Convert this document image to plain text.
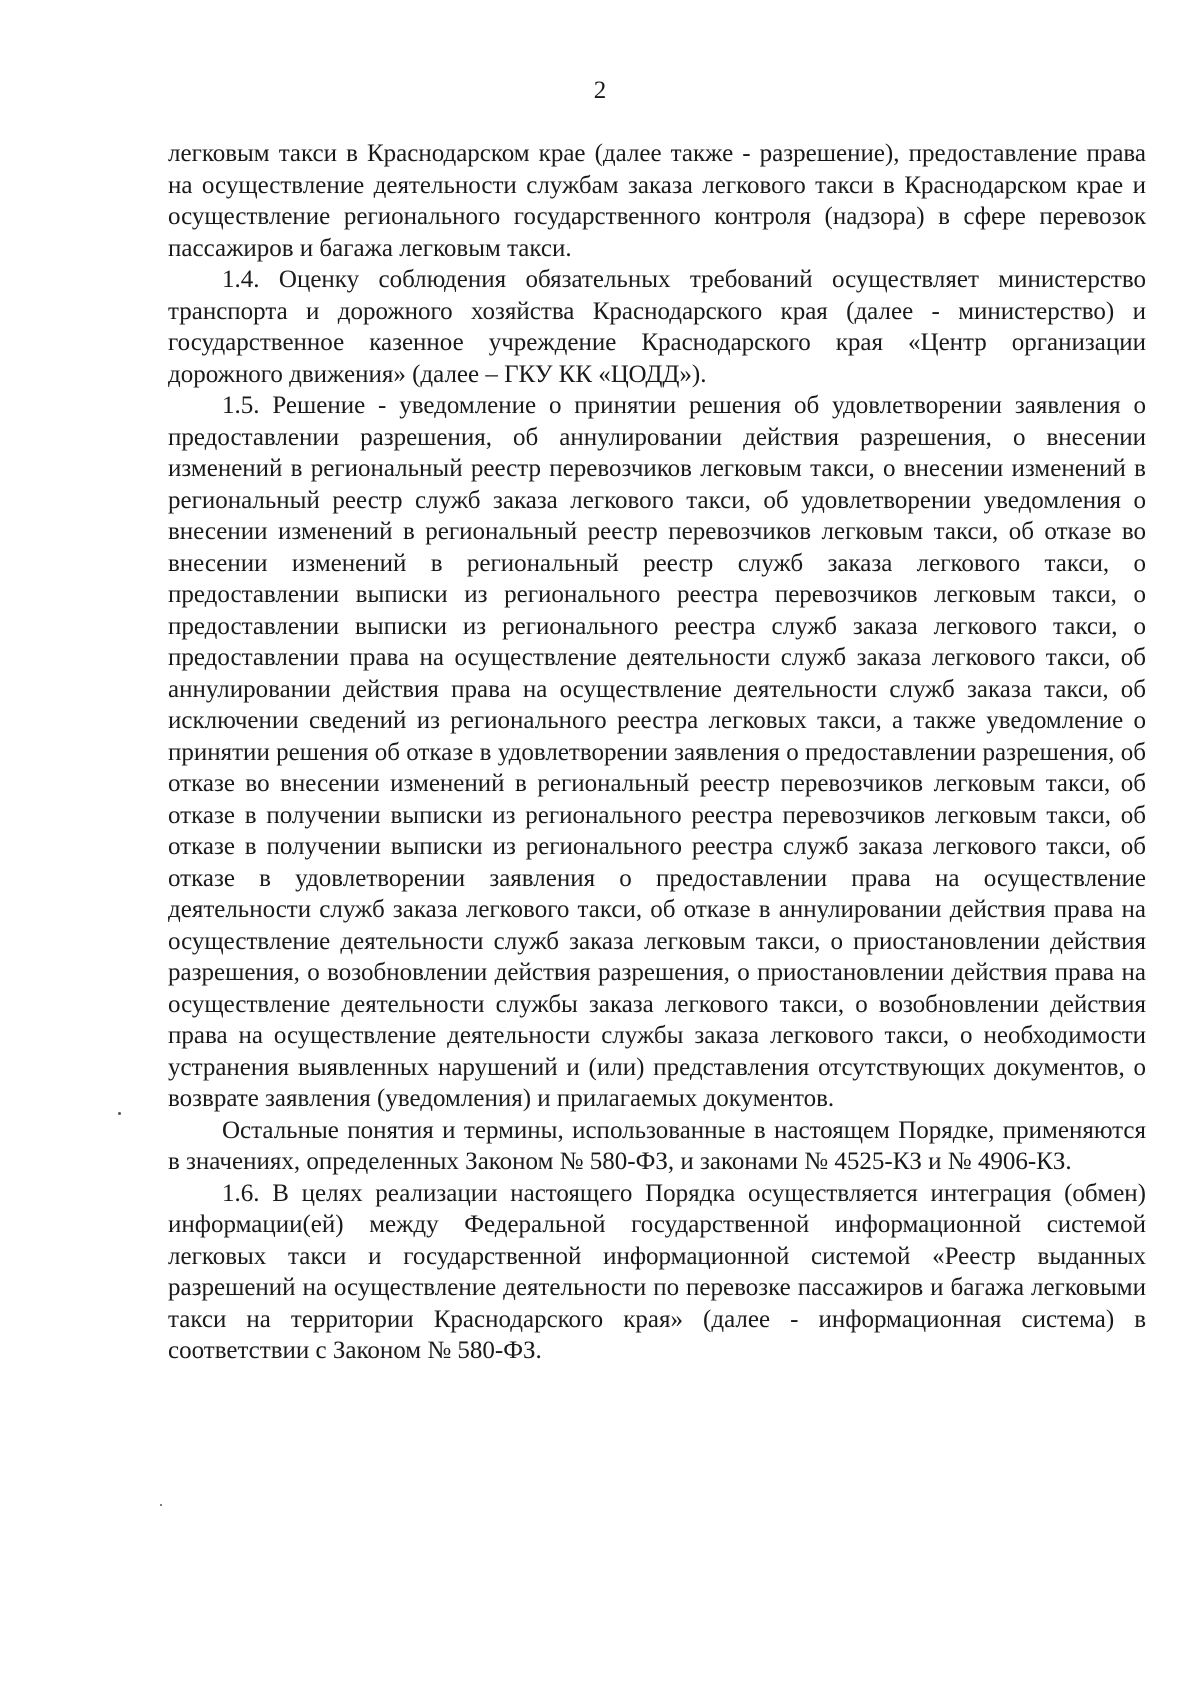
2

легковым такси в Краснодарском крае (далее также - разрешение), предоставление права на осуществление деятельности службам заказа легкового такси в Краснодарском крае и осуществление регионального государственного контроля (надзора) в сфере перевозок пассажиров и багажа легковым такси.

1.4. Оценку соблюдения обязательных требований осуществляет министерство транспорта и дорожного хозяйства Краснодарского края (далее - министерство) и государственное казенное учреждение Краснодарского края «Центр организации дорожного движения» (далее – ГКУ КК «ЦОДД»).

1.5. Решение - уведомление о принятии решения об удовлетворении заявления о предоставлении разрешения, об аннулировании действия разрешения, о внесении изменений в региональный реестр перевозчиков легковым такси, о внесении изменений в региональный реестр служб заказа легкового такси, об удовлетворении уведомления о внесении изменений в региональный реестр перевозчиков легковым такси, об отказе во внесении изменений в региональный реестр служб заказа легкового такси, о предоставлении выписки из регионального реестра перевозчиков легковым такси, о предоставлении выписки из регионального реестра служб заказа легкового такси, о предоставлении права на осуществление деятельности служб заказа легкового такси, об аннулировании действия права на осуществление деятельности служб заказа такси, об исключении сведений из регионального реестра легковых такси, а также уведомление о принятии решения об отказе в удовлетворении заявления о предоставлении разрешения, об отказе во внесении изменений в региональный реестр перевозчиков легковым такси, об отказе в получении выписки из регионального реестра перевозчиков легковым такси, об отказе в получении выписки из регионального реестра служб заказа легкового такси, об отказе в удовлетворении заявления о предоставлении права на осуществление деятельности служб заказа легкового такси, об отказе в аннулировании действия права на осуществление деятельности служб заказа легковым такси, о приостановлении действия разрешения, о возобновлении действия разрешения, о приостановлении действия права на осуществление деятельности службы заказа легкового такси, о возобновлении действия права на осуществление деятельности службы заказа легкового такси, о необходимости устранения выявленных нарушений и (или) представления отсутствующих документов, о возврате заявления (уведомления) и прилагаемых документов.

Остальные понятия и термины, использованные в настоящем Порядке, применяются в значениях, определенных Законом № 580-ФЗ, и законами № 4525-КЗ и № 4906-КЗ.

1.6. В целях реализации настоящего Порядка осуществляется интеграция (обмен) информации(ей) между Федеральной государственной информационной системой легковых такси и государственной информационной системой «Реестр выданных разрешений на осуществление деятельности по перевозке пассажиров и багажа легковыми такси на территории Краснодарского края» (далее - информационная система) в соответствии с Законом № 580-ФЗ.
